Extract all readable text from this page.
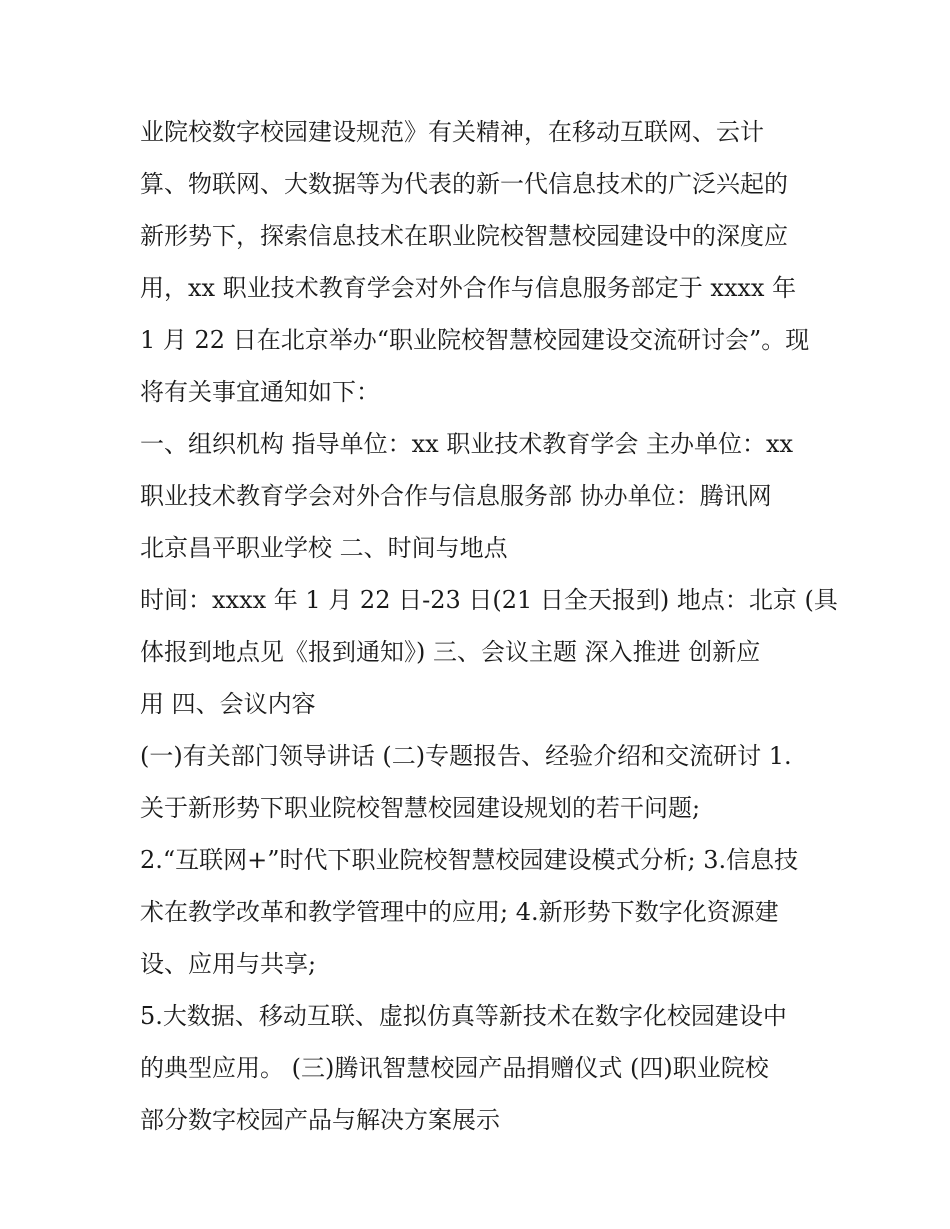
业院校数字校园建设规范》有关精神，在移动互联网、云计

算、物联网、大数据等为代表的新一代信息技术的广泛兴起的

新形势下，探索信息技术在职业院校智慧校园建设中的深度应

用，xx 职业技术教育学会对外合作与信息服务部定于 xxxx 年

1 月 22 日在北京举办“职业院校智慧校园建设交流研讨会”。现

将有关事宜通知如下：

一、组织机构 指导单位：xx 职业技术教育学会 主办单位：xx

职业技术教育学会对外合作与信息服务部 协办单位：腾讯网

北京昌平职业学校 二、时间与地点

时间：xxxx 年 1 月 22 日-23 日(21 日全天报到) 地点：北京 (具

体报到地点见《报到通知》) 三、会议主题 深入推进 创新应

用 四、会议内容

(一)有关部门领导讲话 (二)专题报告、经验介绍和交流研讨 1.

关于新形势下职业院校智慧校园建设规划的若干问题;

2.“互联网+”时代下职业院校智慧校园建设模式分析; 3.信息技

术在教学改革和教学管理中的应用; 4.新形势下数字化资源建

设、应用与共享;

5.大数据、移动互联、虚拟仿真等新技术在数字化校园建设中

的典型应用。 (三)腾讯智慧校园产品捐赠仪式 (四)职业院校

部分数字校园产品与解决方案展示
